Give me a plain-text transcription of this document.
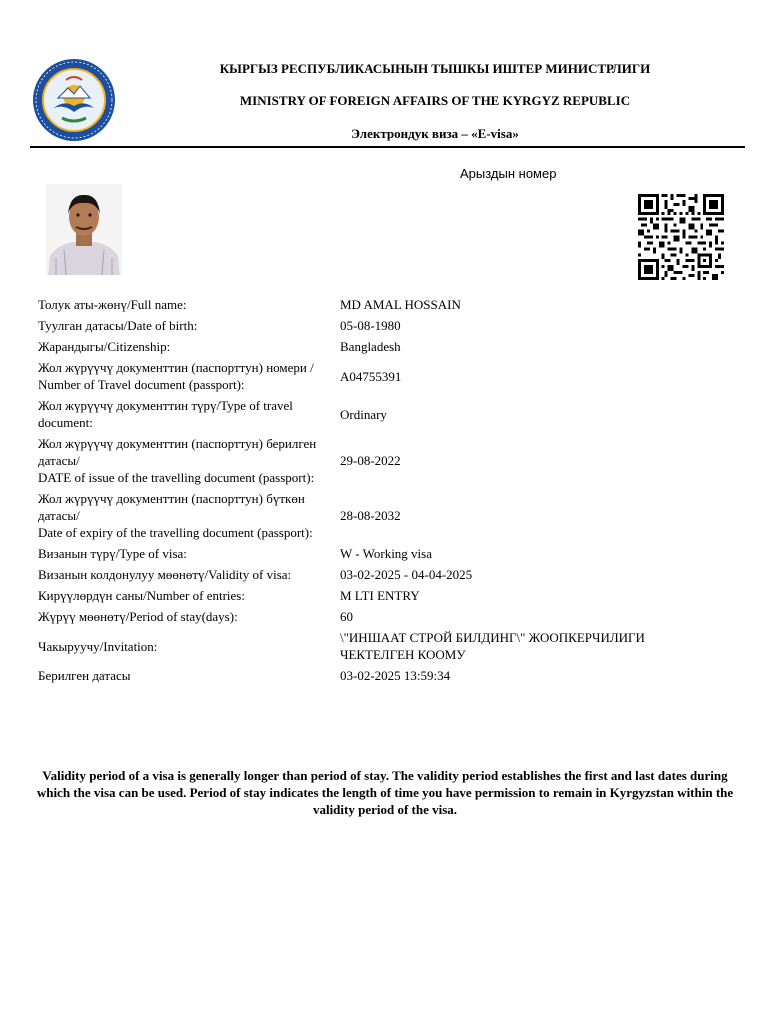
КЫРГЫЗ РЕСПУБЛИКАСЫНЫН ТЫШКЫ ИШТЕР МИНИСТРЛИГИ
MINISTRY OF FOREIGN AFFAIRS OF THE KYRGYZ REPUBLIC
Электрондук виза – «E-visa»
Арыздын номер
Толук аты-жөнү/Full name:	MD AMAL HOSSAIN
Туулган датасы/Date of birth:	05-08-1980
Жарандыгы/Citizenship:	Bangladesh
Жол жүрүүчү документтин (паспорттун) номери /
Number of Travel document (passport):	A04755391
Жол жүрүүчү документтин түрү/Type of travel document:	Ordinary
Жол жүрүүчү документтин (паспорттун) берилген датасы/
DATE of issue of the travelling document (passport):	29-08-2022
Жол жүрүүчү документтин (паспорттун) бүткөн датасы/
Date of expiry of the travelling document (passport):	28-08-2032
Визанын түрү/Type of visa:	W - Working visa
Визанын колдонулуу мөөнөтү/Validity of visa:	03-02-2025 - 04-04-2025
Кирүүлөрдүн саны/Number of entries:	M LTI ENTRY
Жүрүү мөөнөтү/Period of stay(days):	60
Чакыруучу/Invitation:	\"ИНШААТ СТРОЙ БИЛДИНГ\" ЖООПКЕРЧИЛИГИ ЧЕКТЕЛГЕН КООМУ
Берилген датасы	03-02-2025 13:59:34
Validity period of a visa is generally longer than period of stay. The validity period establishes the first and last dates during which the visa can be used. Period of stay indicates the length of time you have permission to remain in Kyrgyzstan within the validity period of the visa.
